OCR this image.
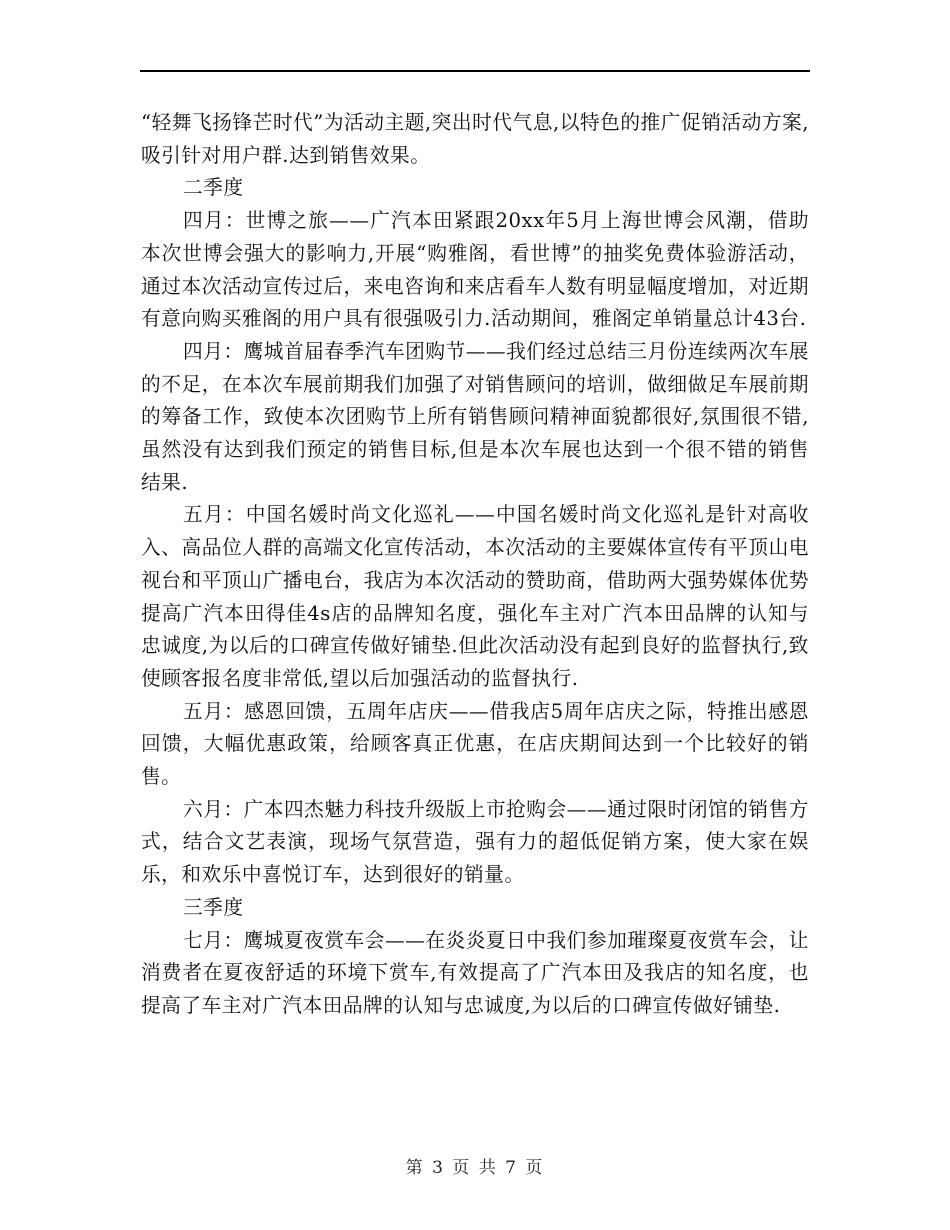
“轻舞飞扬锋芒时代”为活动主题,突出时代气息,以特色的推广促销活动方案,吸引针对用户群.达到销售效果。

二季度

四月：世博之旅——广汽本田紧跟20xx年5月上海世博会风潮，借助本次世博会强大的影响力,开展“购雅阁，看世博”的抽奖免费体验游活动，通过本次活动宣传过后，来电咨询和来店看车人数有明显幅度增加，对近期有意向购买雅阁的用户具有很强吸引力.活动期间，雅阁定单销量总计43台.

四月：鹰城首届春季汽车团购节——我们经过总结三月份连续两次车展的不足，在本次车展前期我们加强了对销售顾问的培训，做细做足车展前期的筹备工作，致使本次团购节上所有销售顾问精神面貌都很好,氛围很不错,虽然没有达到我们预定的销售目标,但是本次车展也达到一个很不错的销售结果.

五月：中国名媛时尚文化巡礼——中国名媛时尚文化巡礼是针对高收入、高品位人群的高端文化宣传活动，本次活动的主要媒体宣传有平顶山电视台和平顶山广播电台，我店为本次活动的赞助商，借助两大强势媒体优势提高广汽本田得佳4s店的品牌知名度，强化车主对广汽本田品牌的认知与忠诚度,为以后的口碑宣传做好铺垫.但此次活动没有起到良好的监督执行,致使顾客报名度非常低,望以后加强活动的监督执行.

五月：感恩回馈，五周年店庆——借我店5周年店庆之际，特推出感恩回馈，大幅优惠政策，给顾客真正优惠，在店庆期间达到一个比较好的销售。

六月：广本四杰魅力科技升级版上市抢购会——通过限时闭馆的销售方式，结合文艺表演，现场气氛营造，强有力的超低促销方案，使大家在娱乐，和欢乐中喜悦订车，达到很好的销量。

三季度

七月：鹰城夏夜赏车会——在炎炎夏日中我们参加璀璨夏夜赏车会，让消费者在夏夜舒适的环境下赏车,有效提高了广汽本田及我店的知名度，也提高了车主对广汽本田品牌的认知与忠诚度,为以后的口碑宣传做好铺垫.

第 3 页 共 7 页
